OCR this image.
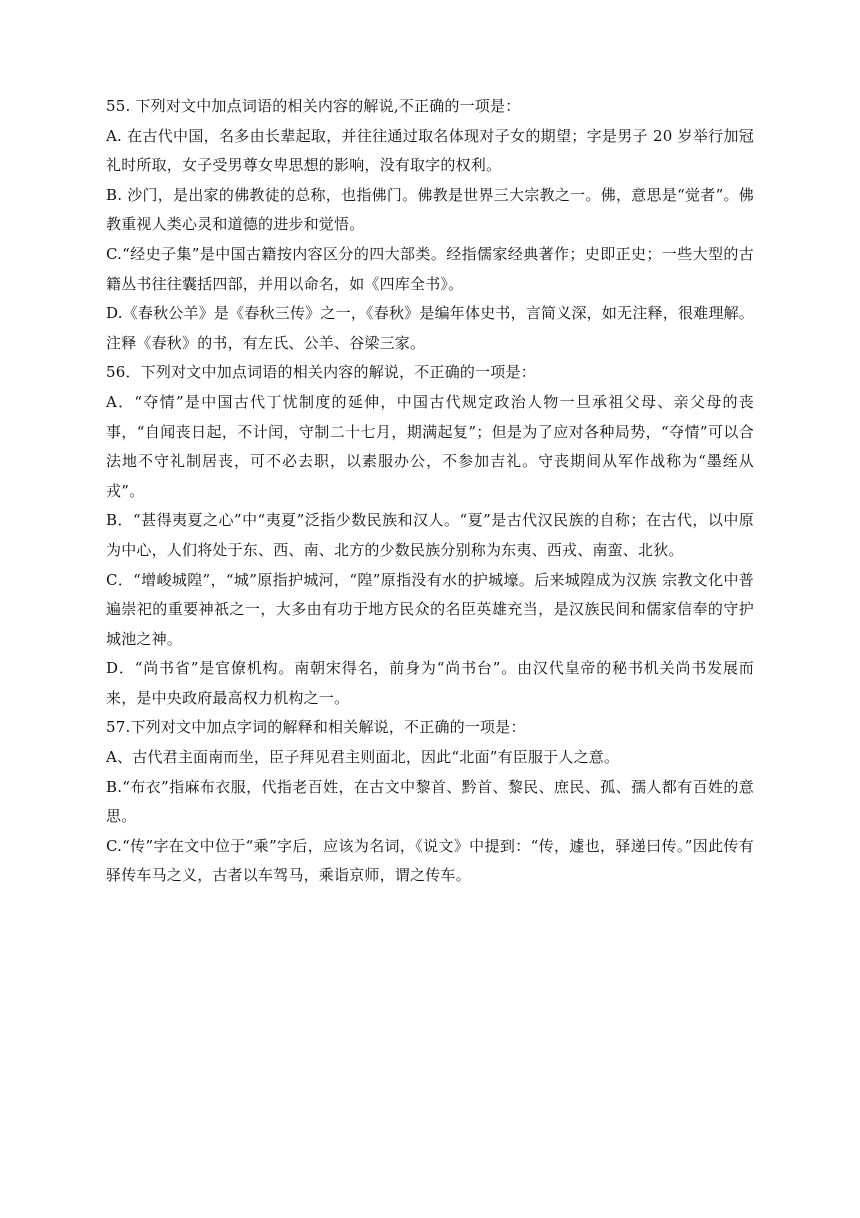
55. 下列对文中加点词语的相关内容的解说,不正确的一项是：

A. 在古代中国，名多由长辈起取，并往往通过取名体现对子女的期望；字是男子 20 岁举行加冠礼时所取，女子受男尊女卑思想的影响，没有取字的权利。

B. 沙门，是出家的佛教徒的总称，也指佛门。佛教是世界三大宗教之一。佛，意思是“觉者”。佛教重视人类心灵和道德的进步和觉悟。

C.“经史子集”是中国古籍按内容区分的四大部类。经指儒家经典著作；史即正史；一些大型的古籍丛书往往囊括四部，并用以命名，如《四库全书》。

D.《春秋公羊》是《春秋三传》之一，《春秋》是编年体史书，言简义深，如无注释，很难理解。注释《春秋》的书，有左氏、公羊、谷梁三家。

56．下列对文中加点词语的相关内容的解说，不正确的一项是：

A．“夺情”是中国古代丁忧制度的延伸，中国古代规定政治人物一旦承祖父母、亲父母的丧事，“自闻丧日起，不计闰，守制二十七月，期满起复”；但是为了应对各种局势，“夺情”可以合法地不守礼制居丧，可不必去职，以素服办公，不参加吉礼。守丧期间从军作战称为“墨绖从戎”。

B．“甚得夷夏之心”中“夷夏”泛指少数民族和汉人。“夏”是古代汉民族的自称；在古代，以中原为中心，人们将处于东、西、南、北方的少数民族分别称为东夷、西戎、南蛮、北狄。

C．“增峻城隍”，“城”原指护城河，“隍”原指没有水的护城壕。后来城隍成为汉族 宗教文化中普遍崇祀的重要神祇之一，大多由有功于地方民众的名臣英雄充当，是汉族民间和儒家信奉的守护城池之神。

D．“尚书省”是官僚机构。南朝宋得名，前身为“尚书台”。由汉代皇帝的秘书机关尚书发展而来，是中央政府最高权力机构之一。

57.下列对文中加点字词的解释和相关解说，不正确的一项是：

A、古代君主面南而坐，臣子拜见君主则面北，因此“北面”有臣服于人之意。

B.“布衣”指麻布衣服，代指老百姓，在古文中黎首、黔首、黎民、庶民、孤、孺人都有百姓的意思。

C.“传”字在文中位于“乘”字后，应该为名词，《说文》中提到：“传，遽也，驿递曰传。”因此传有驿传车马之义，古者以车驾马，乘诣京师，谓之传车。
